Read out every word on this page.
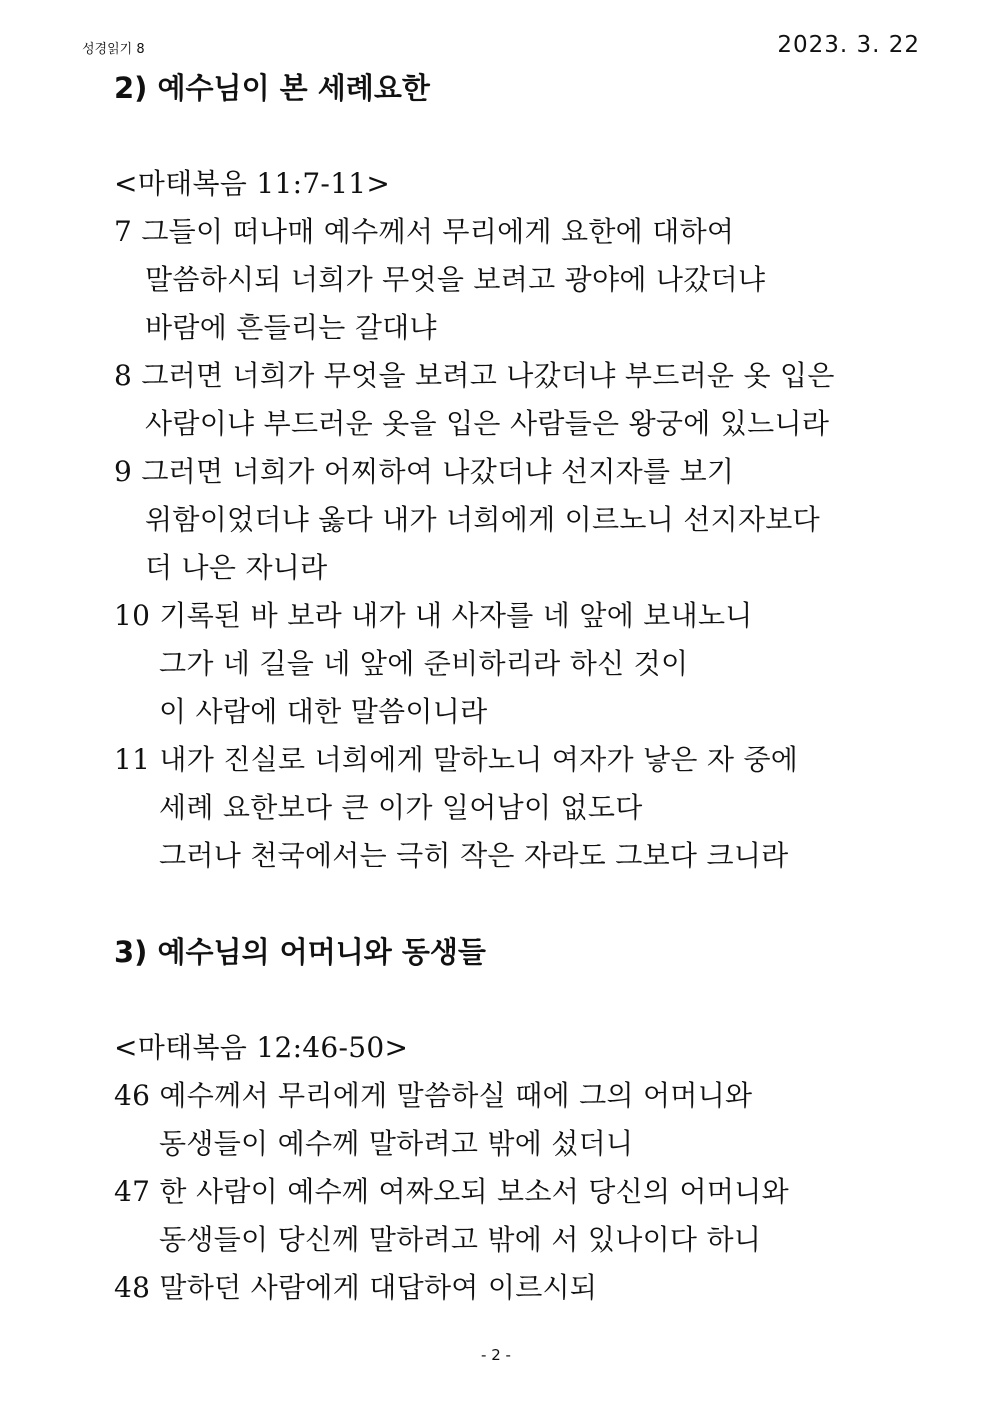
성경읽기 8	2023. 3. 22
2) 예수님이 본 세례요한
<마태복음 11:7-11>
7 그들이 떠나매 예수께서 무리에게 요한에 대하여
말씀하시되 너희가 무엇을 보려고 광야에 나갔더냐
바람에 흔들리는 갈대냐
8 그러면 너희가 무엇을 보려고 나갔더냐 부드러운 옷 입은
사람이냐 부드러운 옷을 입은 사람들은 왕궁에 있느니라
9 그러면 너희가 어찌하여 나갔더냐 선지자를 보기
위함이었더냐 옳다 내가 너희에게 이르노니 선지자보다
더 나은 자니라
10 기록된 바 보라 내가 내 사자를 네 앞에 보내노니
그가 네 길을 네 앞에 준비하리라 하신 것이
이 사람에 대한 말씀이니라
11 내가 진실로 너희에게 말하노니 여자가 낳은 자 중에
세례 요한보다 큰 이가 일어남이 없도다
그러나 천국에서는 극히 작은 자라도 그보다 크니라
3) 예수님의 어머니와 동생들
<마태복음 12:46-50>
46 예수께서 무리에게 말씀하실 때에 그의 어머니와
동생들이 예수께 말하려고 밖에 섰더니
47 한 사람이 예수께 여짜오되 보소서 당신의 어머니와
동생들이 당신께 말하려고 밖에 서 있나이다 하니
48 말하던 사람에게 대답하여 이르시되
- 2 -
